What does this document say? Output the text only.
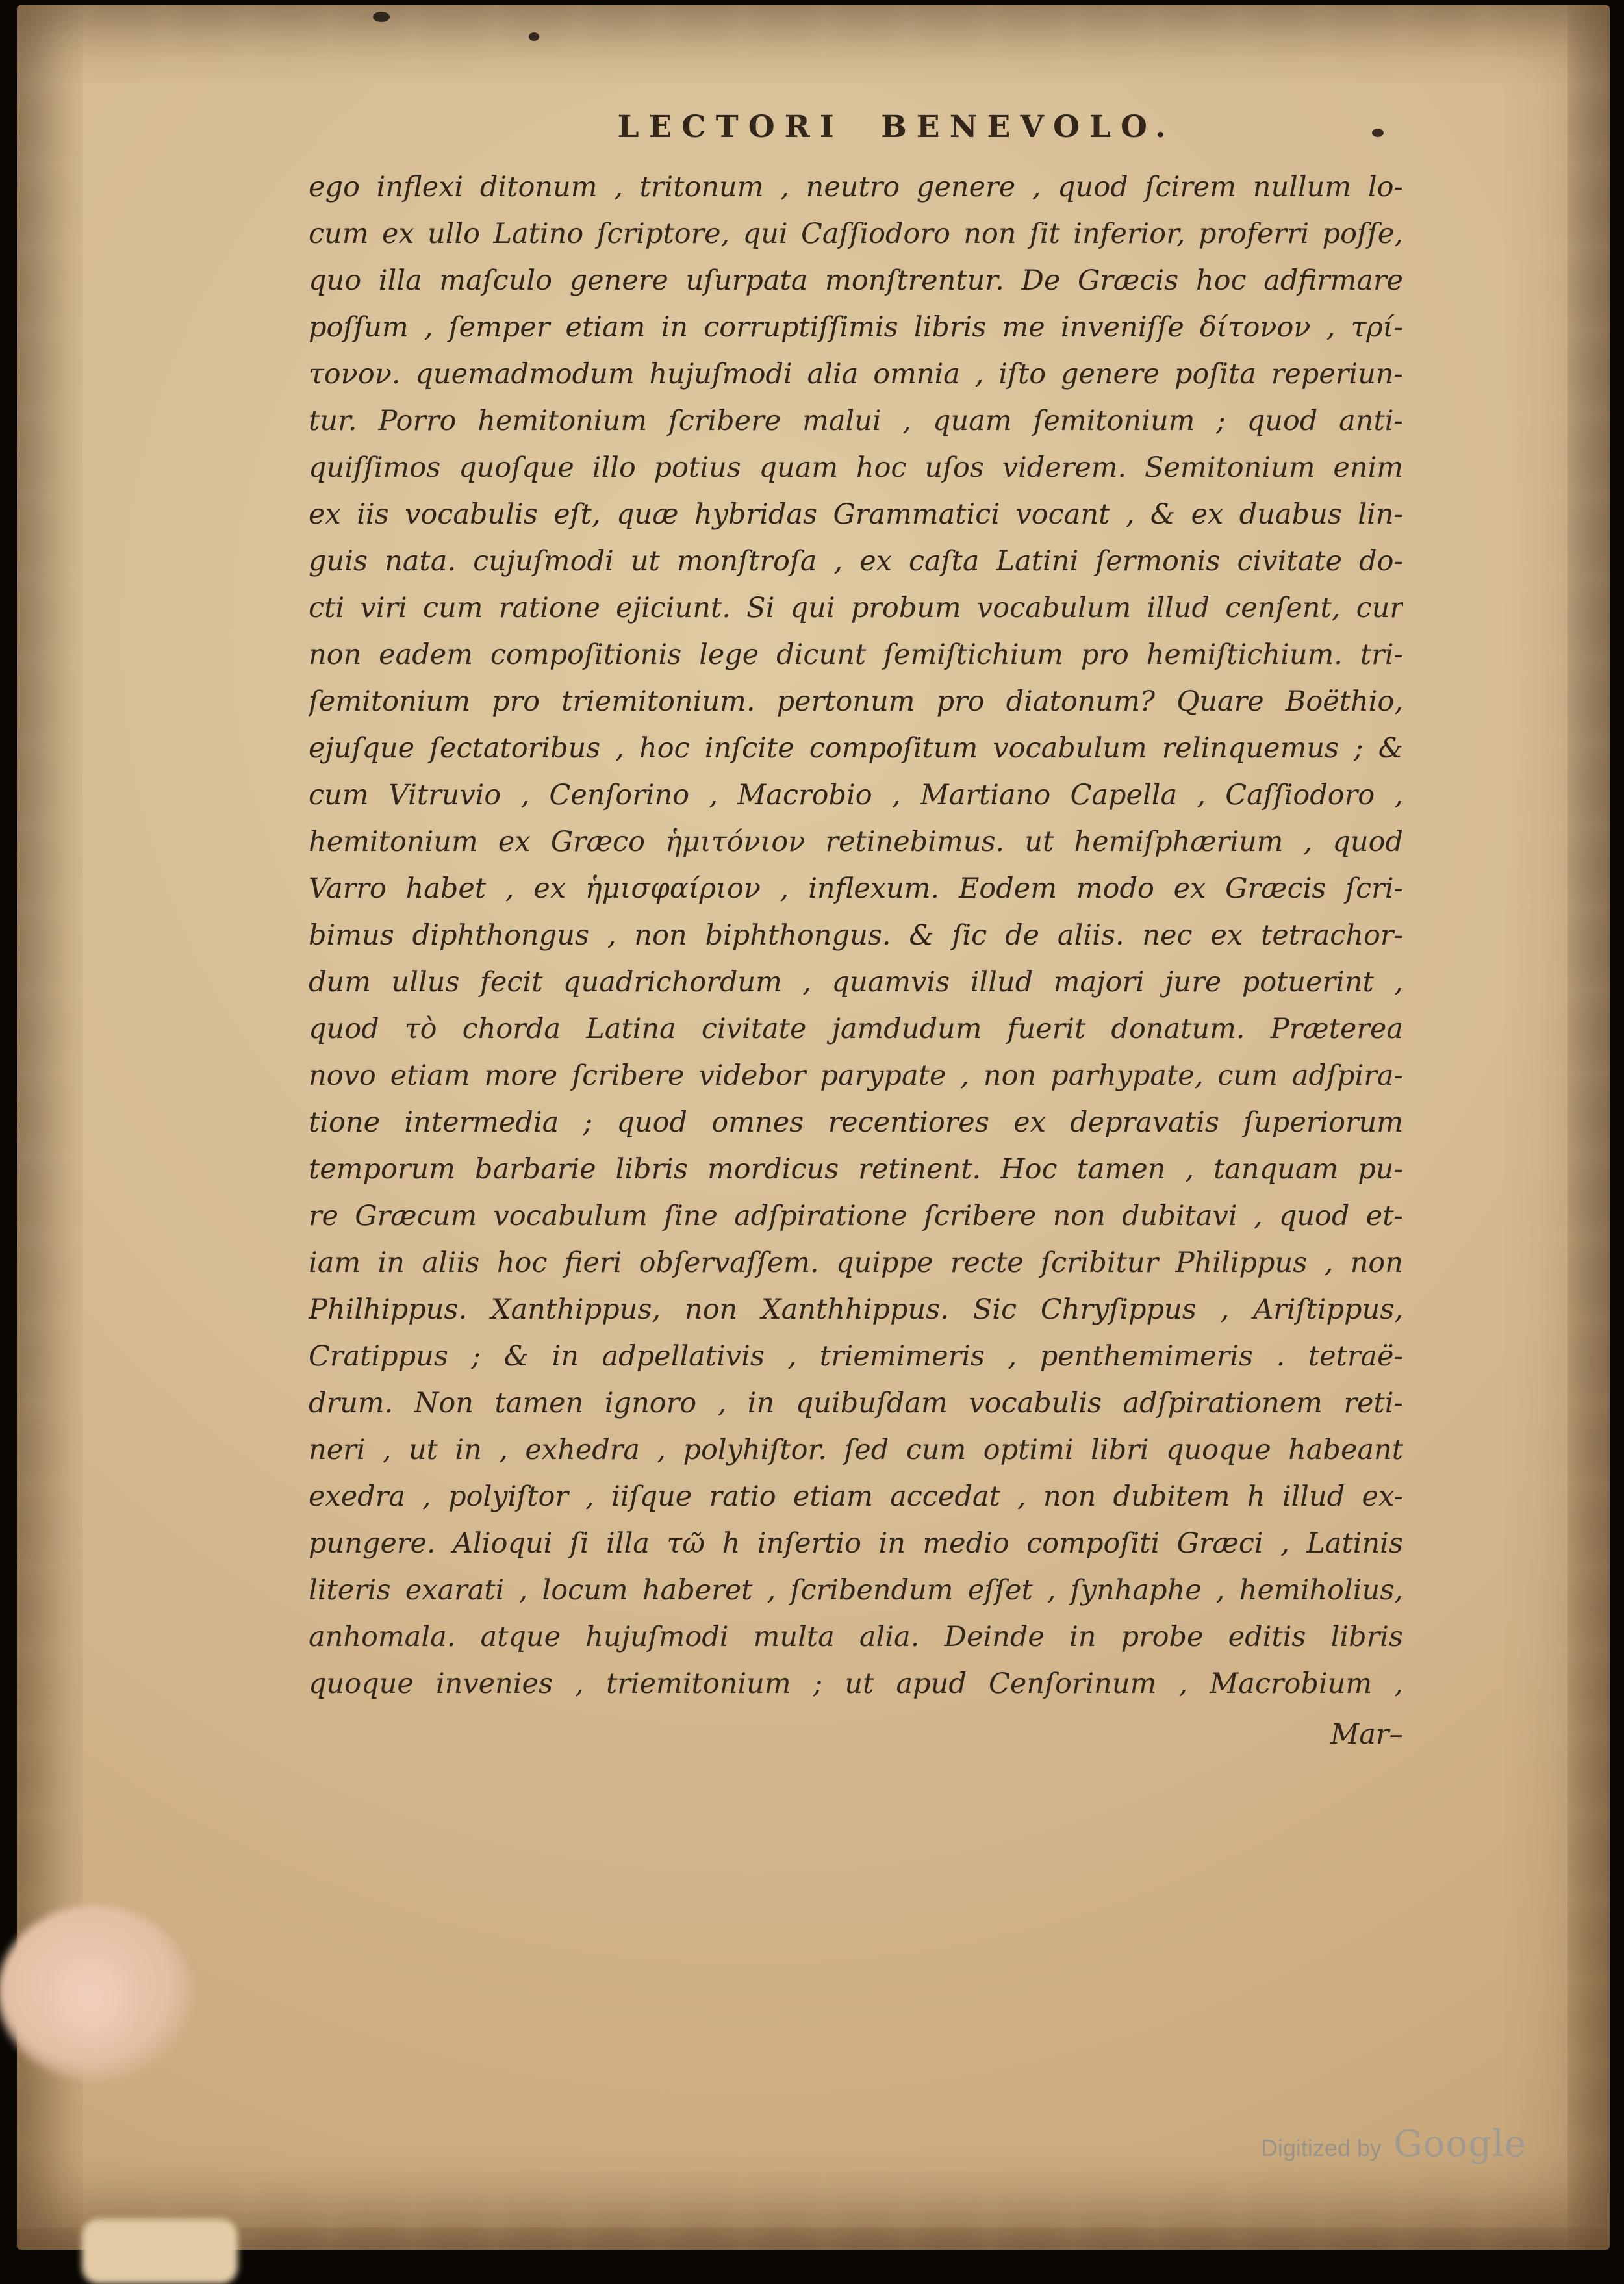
LECTORI BENEVOLO.
ego inflexi ditonum , tritonum , neutro genere , quod ſcirem nullum lo-
cum ex ullo Latino ſcriptore, qui Caſſiodoro non ſit inferior, proferri poſſe,
quo illa maſculo genere uſurpata monſtrentur. De Græcis hoc adfirmare
poſſum , ſemper etiam in corruptiſſimis libris me inveniſſe δίτονον , τρί-
τονον. quemadmodum hujuſmodi alia omnia , iſto genere poſita reperiun-
tur. Porro hemitonium ſcribere malui , quam ſemitonium ; quod anti-
quiſſimos quoſque illo potius quam hoc uſos viderem. Semitonium enim
ex iis vocabulis eſt, quæ hybridas Grammatici vocant , & ex duabus lin-
guis nata. cujuſmodi ut monſtroſa , ex caſta Latini ſermonis civitate do-
cti viri cum ratione ejiciunt. Si qui probum vocabulum illud cenſent, cur
non eadem compoſitionis lege dicunt ſemiſtichium pro hemiſtichium. tri-
ſemitonium pro triemitonium. pertonum pro diatonum? Quare Boëthio,
ejuſque ſectatoribus , hoc inſcite compoſitum vocabulum relinquemus ; &
cum Vitruvio , Cenſorino , Macrobio , Martiano Capella , Caſſiodoro ,
hemitonium ex Græco ἡμιτόνιον retinebimus. ut hemiſphærium , quod
Varro habet , ex ἡμισφαίριον , inflexum. Eodem modo ex Græcis ſcri-
bimus diphthongus , non biphthongus. & ſic de aliis. nec ex tetrachor-
dum ullus fecit quadrichordum , quamvis illud majori jure potuerint ,
quod τὸ chorda Latina civitate jamdudum fuerit donatum. Præterea
novo etiam more ſcribere videbor parypate , non parhypate, cum adſpira-
tione intermedia ; quod omnes recentiores ex depravatis ſuperiorum
temporum barbarie libris mordicus retinent. Hoc tamen , tanquam pu-
re Græcum vocabulum ſine adſpiratione ſcribere non dubitavi , quod et-
iam in aliis hoc fieri obſervaſſem. quippe recte ſcribitur Philippus , non
Philhippus. Xanthippus, non Xanthhippus. Sic Chryſippus , Ariſtippus,
Cratippus ; & in adpellativis , triemimeris , penthemimeris . tetraë-
drum. Non tamen ignoro , in quibuſdam vocabulis adſpirationem reti-
neri , ut in , exhedra , polyhiſtor. ſed cum optimi libri quoque habeant
exedra , polyiſtor , iiſque ratio etiam accedat , non dubitem h illud ex-
pungere. Alioqui ſi illa τῶ h inſertio in medio compoſiti Græci , Latinis
literis exarati , locum haberet , ſcribendum eſſet , ſynhaphe , hemiholius,
anhomala. atque hujuſmodi multa alia. Deinde in probe editis libris
quoque invenies , triemitonium ; ut apud Cenſorinum , Macrobium ,
Mar–
Digitized by Google
